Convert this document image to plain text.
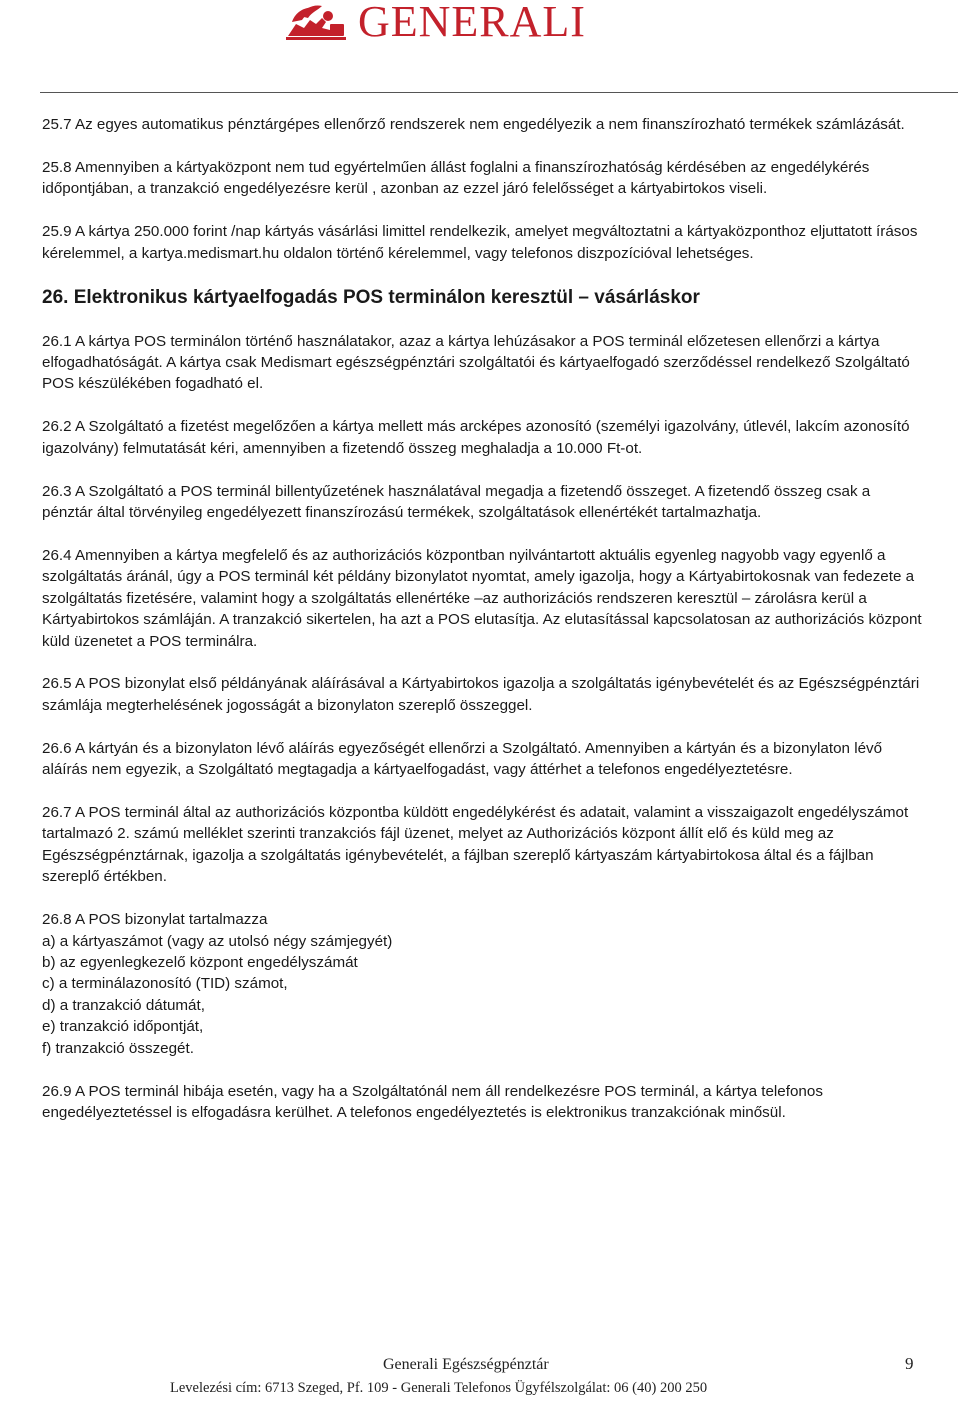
GENERALI

25.7 Az egyes automatikus pénztárgépes ellenőrző rendszerek nem engedélyezik a nem finanszírozható termékek számlázását.

25.8 Amennyiben a kártyaközpont nem tud egyértelműen állást foglalni a finanszírozhatóság kérdésében az engedélykérés időpontjában, a tranzakció engedélyezésre kerül , azonban az ezzel járó felelősséget a kártyabirtokos viseli.

25.9 A kártya 250.000 forint /nap kártyás vásárlási limittel rendelkezik, amelyet megváltoztatni a kártyaközponthoz eljuttatott írásos kérelemmel, a kartya.medismart.hu oldalon történő kérelemmel, vagy telefonos diszpozícióval lehetséges.

26. Elektronikus kártyaelfogadás POS terminálon keresztül – vásárláskor

26.1 A kártya POS terminálon történő használatakor, azaz a kártya lehúzásakor a POS terminál előzetesen ellenőrzi a kártya elfogadhatóságát. A kártya csak Medismart egészségpénztári szolgáltatói és kártyaelfogadó szerződéssel rendelkező Szolgáltató POS készülékében fogadható el.

26.2 A Szolgáltató a fizetést megelőzően a kártya mellett más arcképes azonosító (személyi igazolvány, útlevél, lakcím azonosító igazolvány) felmutatását kéri, amennyiben a fizetendő összeg meghaladja a 10.000 Ft-ot.

26.3 A Szolgáltató a POS terminál billentyűzetének használatával megadja a fizetendő összeget. A fizetendő összeg csak a pénztár által törvényileg engedélyezett finanszírozású termékek, szolgáltatások ellenértékét tartalmazhatja.

26.4 Amennyiben a kártya megfelelő és az authorizációs központban nyilvántartott aktuális egyenleg nagyobb vagy egyenlő a szolgáltatás áránál, úgy a POS terminál két példány bizonylatot nyomtat, amely igazolja, hogy a Kártyabirtokosnak van fedezete a szolgáltatás fizetésére, valamint hogy a szolgáltatás ellenértéke –az authorizációs rendszeren keresztül – zárolásra kerül a Kártyabirtokos számláján. A tranzakció sikertelen, ha azt a POS elutasítja. Az elutasítással kapcsolatosan az authorizációs központ küld üzenetet a POS terminálra.

26.5 A POS bizonylat első példányának aláírásával a Kártyabirtokos igazolja a szolgáltatás igénybevételét és az Egészségpénztári számlája megterhelésének jogosságát a bizonylaton szereplő összeggel.

26.6 A kártyán és a bizonylaton lévő aláírás egyezőségét ellenőrzi a Szolgáltató. Amennyiben a kártyán és a bizonylaton lévő aláírás nem egyezik, a Szolgáltató megtagadja a kártyaelfogadást, vagy áttérhet a telefonos engedélyeztetésre.

26.7 A POS terminál által az authorizációs központba küldött engedélykérést és adatait, valamint a visszaigazolt engedélyszámot tartalmazó 2. számú melléklet szerinti tranzakciós fájl üzenet, melyet az Authorizációs központ állít elő és küld meg az Egészségpénztárnak, igazolja a szolgáltatás igénybevételét, a fájlban szereplő kártyaszám kártyabirtokosa által és a fájlban szereplő értékben.

26.8 A POS bizonylat tartalmazza
a) a kártyaszámot (vagy az utolsó négy számjegyét)
b) az egyenlegkezelő központ engedélyszámát
c) a terminálazonosító (TID) számot,
d) a tranzakció dátumát,
e) tranzakció időpontját,
f) tranzakció összegét.

26.9 A POS terminál hibája esetén, vagy ha a Szolgáltatónál nem áll rendelkezésre POS terminál, a kártya telefonos engedélyeztetéssel is elfogadásra kerülhet. A telefonos engedélyeztetés is elektronikus tranzakciónak minősül.

Generali Egészségpénztár	9
Levelezési cím: 6713 Szeged, Pf. 109 - Generali Telefonos Ügyfélszolgálat: 06 (40) 200 250
